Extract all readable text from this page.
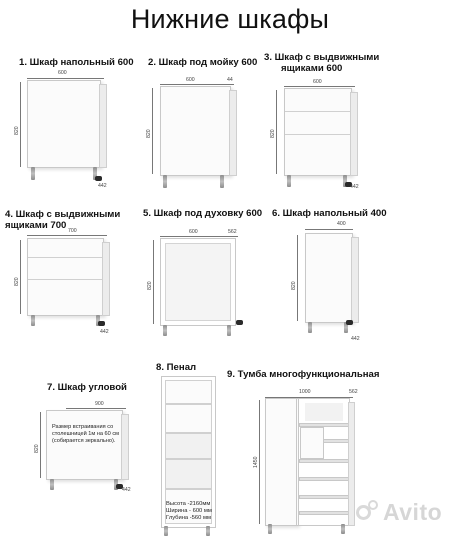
Нижние шкафы
1. Шкаф напольный 600
600
820
442
2. Шкаф под мойку 600
600	44
820
3. Шкаф с выдвижными
ящиками 600
600
820
442
4. Шкаф с выдвижными
ящиками 700 700
820
442
5. Шкаф под духовку 600
600	562
820
6. Шкаф напольный 400
400
820
442
7. Шкаф угловой
900
820
Размер встраивания со
столешницей 1м на 60 см
(собирается зеркально).
442
8. Пенал
Высота -2160мм
Ширина - 600 мм
Глубина -560 мм
9. Тумба многофункциональная
1000	562
1450
Avito
